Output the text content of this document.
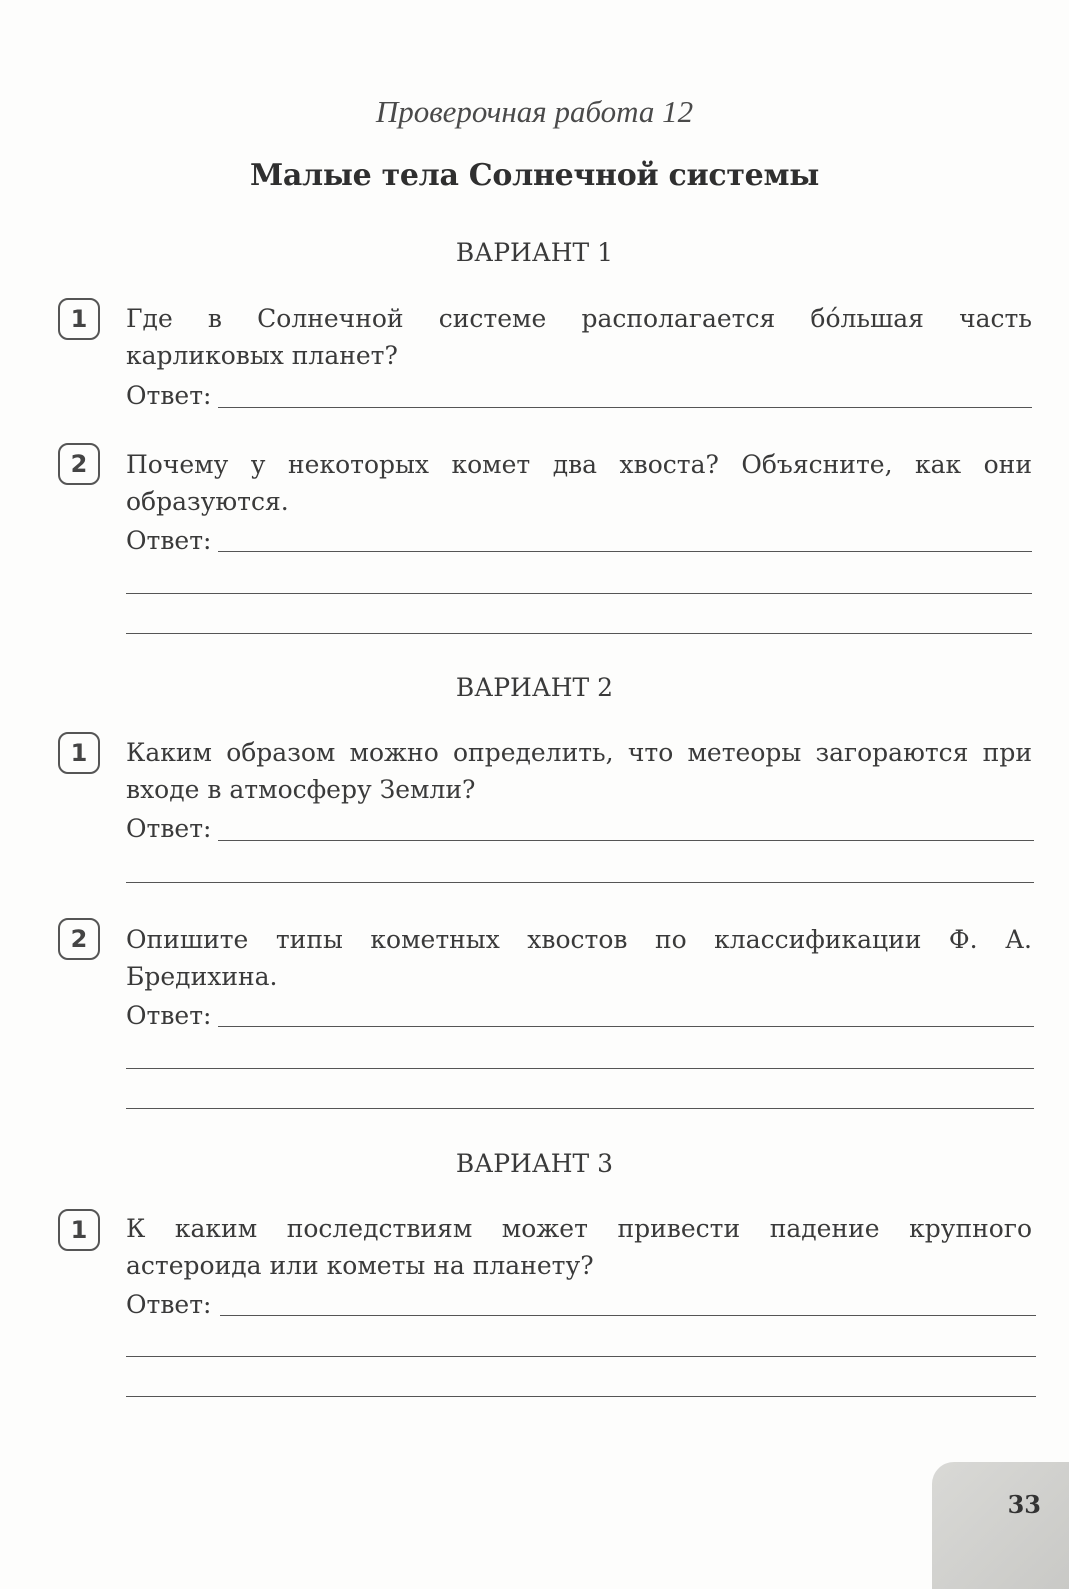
Проверочная работа 12
Малые тела Солнечной системы
ВАРИАНТ 1
1	Где в Солнечной системе располагается бо́льшая часть карликовых планет?
Ответ:
2	Почему у некоторых комет два хвоста? Объясните, как они образуются.
Ответ:
ВАРИАНТ 2
1	Каким образом можно определить, что метеоры загораются при входе в атмосферу Земли?
Ответ:
2	Опишите типы кометных хвостов по классификации Ф. А. Бредихина.
Ответ:
ВАРИАНТ 3
1	К каким последствиям может привести падение крупного астероида или кометы на планету?
Ответ:
33
